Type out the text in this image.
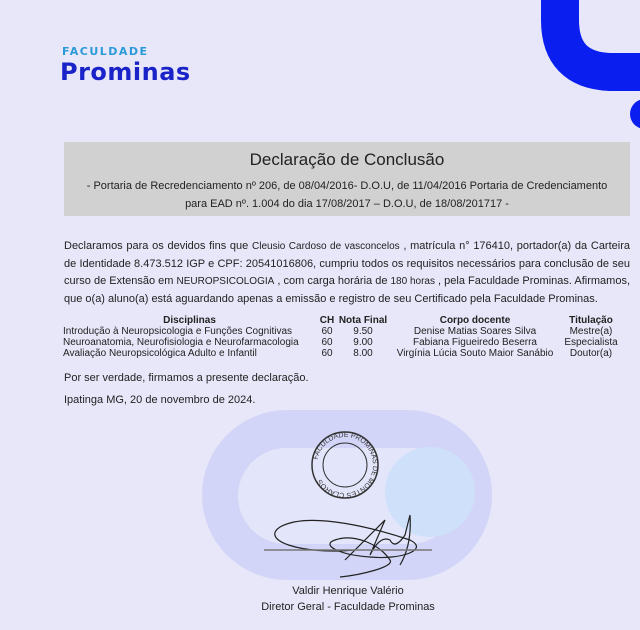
FACULDADE
Prominas
Declaração de Conclusão
- Portaria de Recredenciamento nº 206, de 08/04/2016- D.O.U, de 11/04/2016 Portaria de Credenciamento
para EAD nº. 1.004 do dia 17/08/2017 – D.O.U, de 18/08/201717 -
Declaramos para os devidos fins que Cleusio Cardoso de vasconcelos , matrícula n° 176410, portador(a) da Carteira de Identidade 8.473.512 IGP e CPF: 20541016806, cumpriu todos os requisitos necessários para conclusão de seu curso de Extensão em NEUROPSICOLOGIA , com carga horária de 180 horas , pela Faculdade Prominas. Afirmamos, que o(a) aluno(a) está aguardando apenas a emissão e registro de seu Certificado pela Faculdade Prominas.
Disciplinas	CH	Nota Final	Corpo docente	Titulação
Introdução à Neuropsicologia e Funções Cognitivas	60	9.50	Denise Matias Soares Silva	Mestre(a)
Neuroanatomia, Neurofisiologia e Neurofarmacologia	60	9.00	Fabiana Figueiredo Beserra	Especialista
Avaliação Neuropsicológica Adulto e Infantil	60	8.00	Virgínia Lúcia Souto Maior Sanábio	Doutor(a)
Por ser verdade, firmamos a presente declaração.
Ipatinga MG, 20 de novembro de 2024.
FACULDADE PROMINAS DE MONTES CLAROS
Valdir Henrique Valério
Diretor Geral - Faculdade Prominas
